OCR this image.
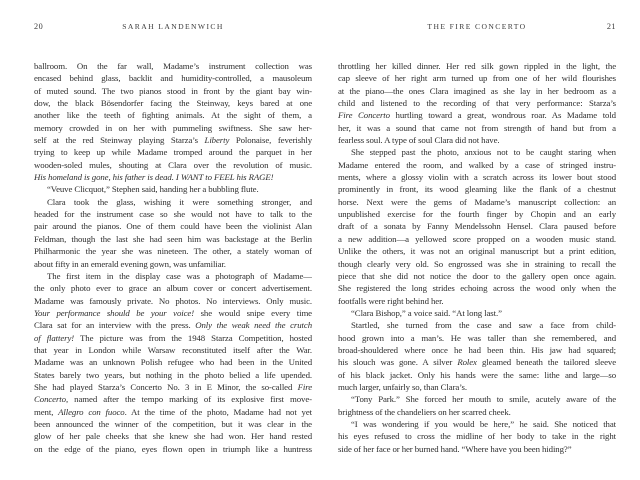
20	SARAH LANDENWICH
ballroom. On the far wall, Madame’s instrument collection was
encased behind glass, backlit and humidity-controlled, a mausoleum
of muted sound. The two pianos stood in front by the giant bay win-
dow, the black Bösendorfer facing the Steinway, keys bared at one
another like the teeth of fighting animals. At the sight of them, a
memory crowded in on her with pummeling swiftness. She saw her-
self at the red Steinway playing Starza’s Liberty Polonaise, feverishly
trying to keep up while Madame tromped around the parquet in her
wooden-soled mules, shouting at Clara over the revolution of music.
His homeland is gone, his father is dead. I WANT to FEEL his RAGE!
“Veuve Clicquot,” Stephen said, handing her a bubbling flute.
Clara took the glass, wishing it were something stronger, and
headed for the instrument case so she would not have to talk to the
pair around the pianos. One of them could have been the violinist Alan
Feldman, though the last she had seen him was backstage at the Berlin
Philharmonic the year she was nineteen. The other, a stately woman of
about fifty in an emerald evening gown, was unfamiliar.
The first item in the display case was a photograph of Madame—
the only photo ever to grace an album cover or concert advertisement.
Madame was famously private. No photos. No interviews. Only music.
Your performance should be your voice! she would snipe every time
Clara sat for an interview with the press. Only the weak need the crutch
of flattery! The picture was from the 1948 Starza Competition, hosted
that year in London while Warsaw reconstituted itself after the War.
Madame was an unknown Polish refugee who had been in the United
States barely two years, but nothing in the photo belied a life upended.
She had played Starza’s Concerto No. 3 in E Minor, the so-called Fire
Concerto, named after the tempo marking of its explosive first move-
ment, Allegro con fuoco. At the time of the photo, Madame had not yet
been announced the winner of the competition, but it was clear in the
glow of her pale cheeks that she knew she had won. Her hand rested
on the edge of the piano, eyes flown open in triumph like a huntress
THE FIRE CONCERTO	21
throttling her killed dinner. Her red silk gown rippled in the light, the
cap sleeve of her right arm turned up from one of her wild flourishes
at the piano—the ones Clara imagined as she lay in her bedroom as a
child and listened to the recording of that very performance: Starza’s
Fire Concerto hurtling toward a great, wondrous roar. As Madame told
her, it was a sound that came not from strength of hand but from a
fearless soul. A type of soul Clara did not have.
She stepped past the photo, anxious not to be caught staring when
Madame entered the room, and walked by a case of stringed instru-
ments, where a glossy violin with a scratch across its lower bout stood
prominently in front, its wood gleaming like the flank of a chestnut
horse. Next were the gems of Madame’s manuscript collection: an
unpublished exercise for the fourth finger by Chopin and an early
draft of a sonata by Fanny Mendelssohn Hensel. Clara paused before
a new addition—a yellowed score propped on a wooden music stand.
Unlike the others, it was not an original manuscript but a print edition,
though clearly very old. So engrossed was she in straining to recall the
piece that she did not notice the door to the gallery open once again.
She registered the long strides echoing across the wood only when the
footfalls were right behind her.
“Clara Bishop,” a voice said. “At long last.”
Startled, she turned from the case and saw a face from child-
hood grown into a man’s. He was taller than she remembered, and
broad-shouldered where once he had been thin. His jaw had squared;
his slouch was gone. A silver Rolex gleamed beneath the tailored sleeve
of his black jacket. Only his hands were the same: lithe and large—so
much larger, unfairly so, than Clara’s.
“Tony Park.” She forced her mouth to smile, acutely aware of the
brightness of the chandeliers on her scarred cheek.
“I was wondering if you would be here,” he said. She noticed that
his eyes refused to cross the midline of her body to take in the right
side of her face or her burned hand. “Where have you been hiding?”
